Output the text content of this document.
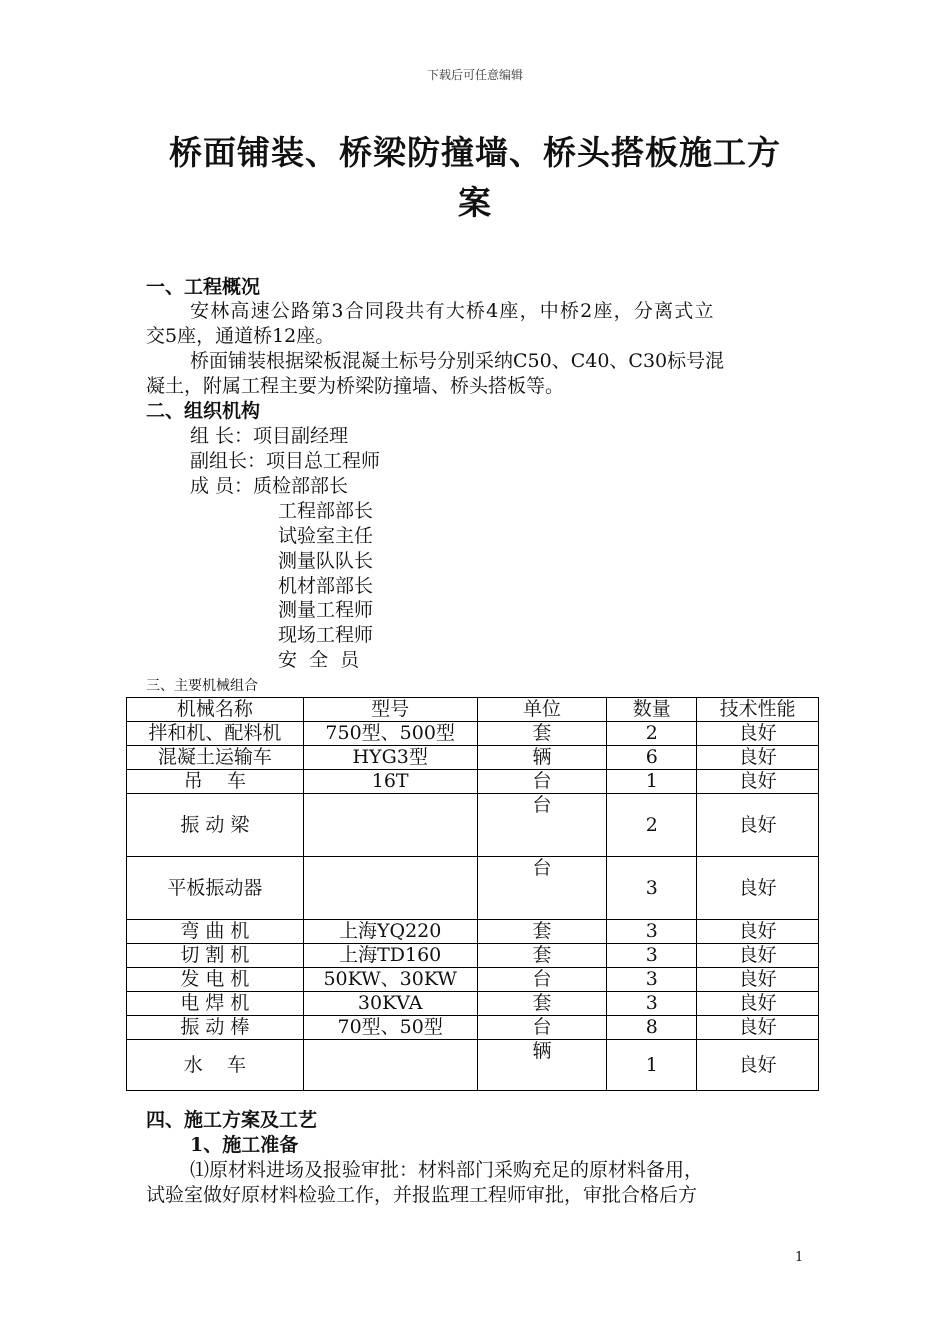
下载后可任意编辑
桥面铺装、桥梁防撞墙、桥头搭板施工方
案
一、工程概况
安林高速公路第3合同段共有大桥4座，中桥2座，分离式立
交5座，通道桥12座。
桥面铺装根据梁板混凝土标号分别采纳C50、C40、C30标号混
凝土，附属工程主要为桥梁防撞墙、桥头搭板等。
二、组织机构
组 长：项目副经理
副组长：项目总工程师
成 员：质检部部长
工程部部长
试验室主任
测量队队长
机材部部长
测量工程师
现场工程师
安  全  员
三、主要机械组合
机械名称	型号	单位	数量	技术性能
拌和机、配料机	750型、500型	套	2	良好
混凝土运输车	HYG3型	辆	6	良好
吊    车	16T	台	1	良好
振 动 梁		台	2	良好
平板振动器		台	3	良好
弯 曲 机	上海YQ220	套	3	良好
切 割 机	上海TD160	套	3	良好
发 电 机	50KW、30KW	台	3	良好
电 焊 机	30KVA	套	3	良好
振 动 棒	70型、50型	台	8	良好
水    车		辆	1	良好
四、施工方案及工艺
1、施工准备
⑴原材料进场及报验审批：材料部门采购充足的原材料备用，
试验室做好原材料检验工作，并报监理工程师审批，审批合格后方
1
